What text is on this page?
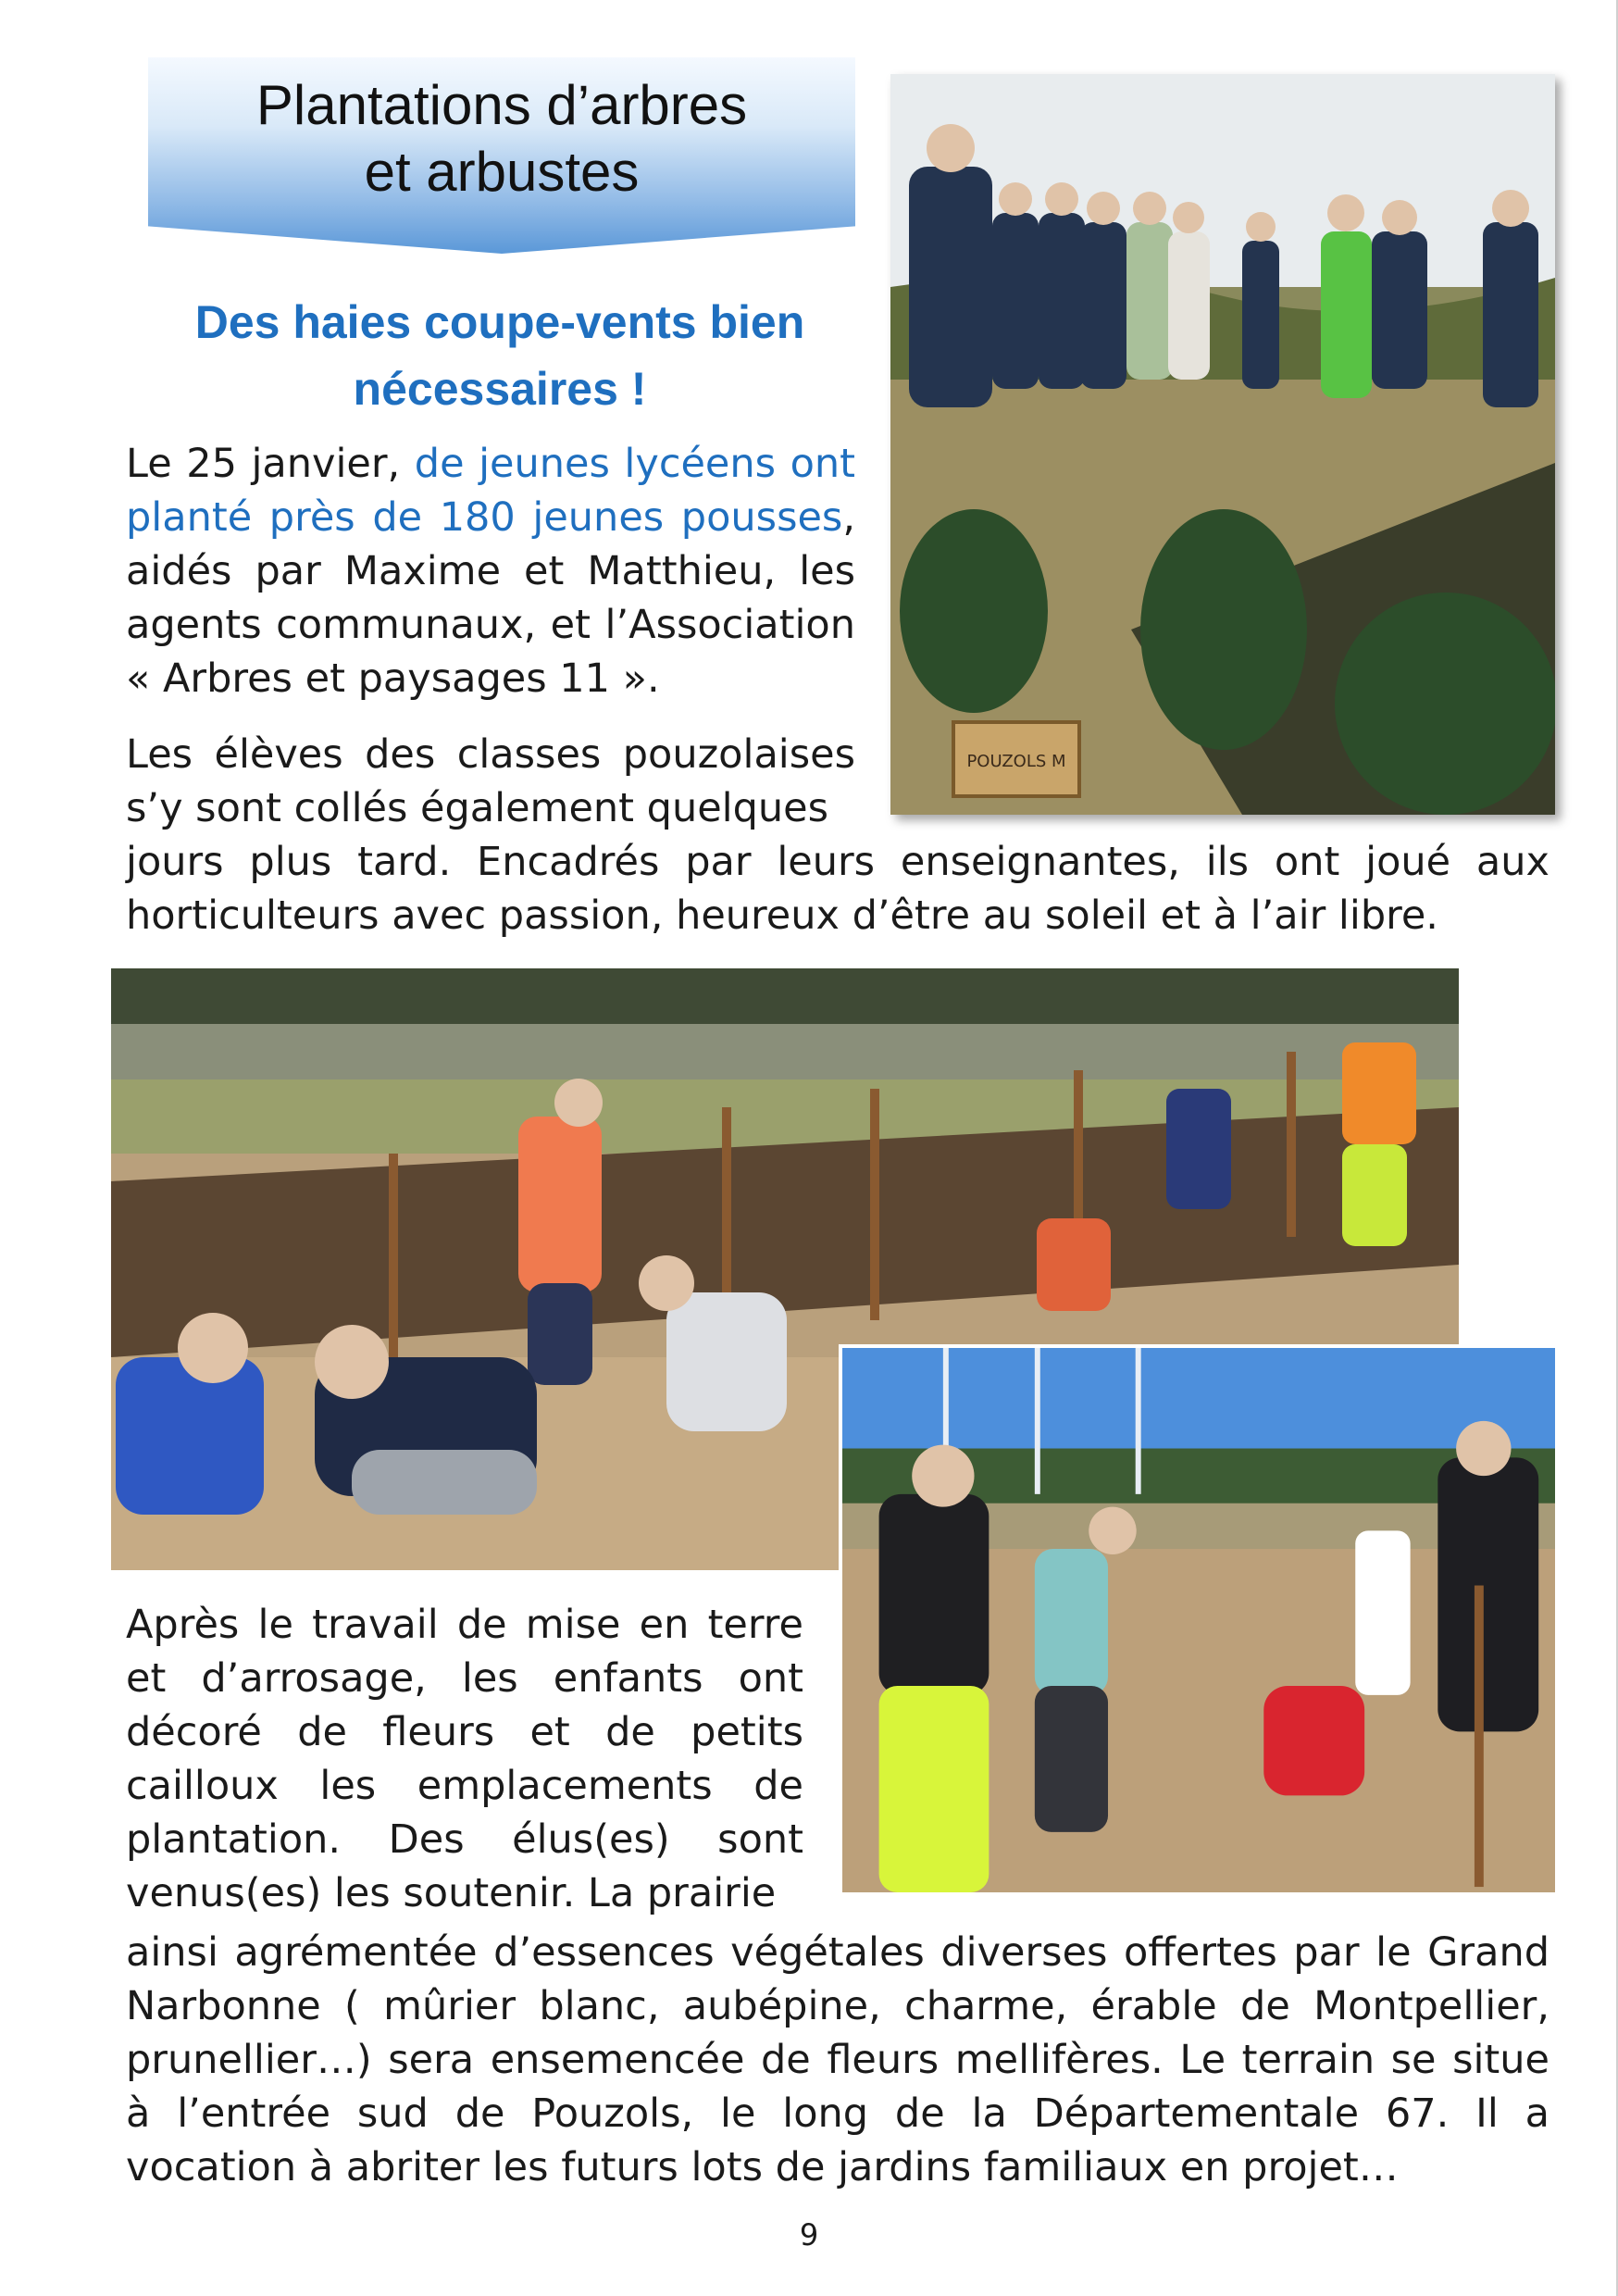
Plantations d’arbres et arbustes
Des haies coupe-vents bien nécessaires !

Le 25 janvier, de jeunes lycéens ont planté près de 180 jeunes pousses, aidés par Maxime et Matthieu, les agents communaux, et l’Association « Arbres et paysages 11 ».

Les élèves des classes pouzolaises s’y sont collés également quelques

jours plus tard. Encadrés par leurs enseignantes, ils ont joué aux horticulteurs avec passion, heureux d’être au soleil et à l’air libre.

Après le travail de mise en terre et d’arrosage, les enfants ont décoré de fleurs et de petits cailloux les emplacements de plantation. Des élus(es) sont venus(es) les soutenir. La prairie

ainsi agrémentée d’essences végétales diverses offertes par le Grand Narbonne ( mûrier blanc, aubépine, charme, érable de Montpellier, prunellier…) sera ensemencée de fleurs mellifères. Le terrain se situe à l’entrée sud de Pouzols, le long de la Départementale 67. Il a vocation à abriter les futurs lots de jardins familiaux en projet…

POUZOLS M
9
